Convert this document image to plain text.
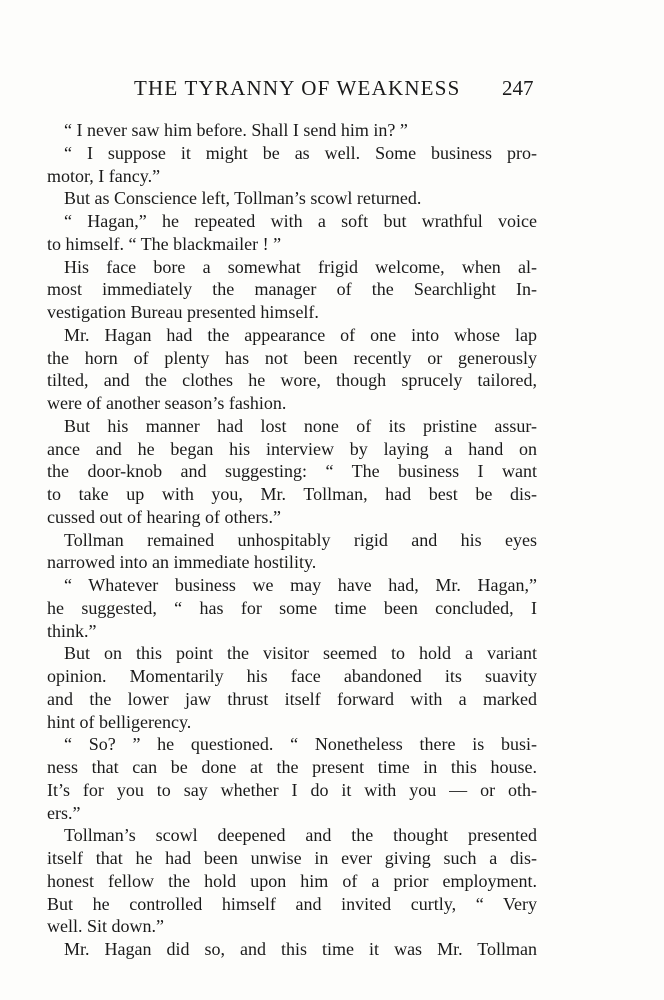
THE TYRANNY OF WEAKNESS 247
“ I never saw him before. Shall I send him in? ”
“ I suppose it might be as well. Some business pro-
motor, I fancy.”
But as Conscience left, Tollman’s scowl returned.
“ Hagan,” he repeated with a soft but wrathful voice
to himself. “ The blackmailer ! ”
His face bore a somewhat frigid welcome, when al-
most immediately the manager of the Searchlight In-
vestigation Bureau presented himself.
Mr. Hagan had the appearance of one into whose lap
the horn of plenty has not been recently or generously
tilted, and the clothes he wore, though sprucely tailored,
were of another season’s fashion.
But his manner had lost none of its pristine assur-
ance and he began his interview by laying a hand on
the door-knob and suggesting: “ The business I want
to take up with you, Mr. Tollman, had best be dis-
cussed out of hearing of others.”
Tollman remained unhospitably rigid and his eyes
narrowed into an immediate hostility.
“ Whatever business we may have had, Mr. Hagan,”
he suggested, “ has for some time been concluded, I
think.”
But on this point the visitor seemed to hold a variant
opinion. Momentarily his face abandoned its suavity
and the lower jaw thrust itself forward with a marked
hint of belligerency.
“ So? ” he questioned. “ Nonetheless there is busi-
ness that can be done at the present time in this house.
It’s for you to say whether I do it with you — or oth-
ers.”
Tollman’s scowl deepened and the thought presented
itself that he had been unwise in ever giving such a dis-
honest fellow the hold upon him of a prior employment.
But he controlled himself and invited curtly, “ Very
well. Sit down.”
Mr. Hagan did so, and this time it was Mr. Tollman
